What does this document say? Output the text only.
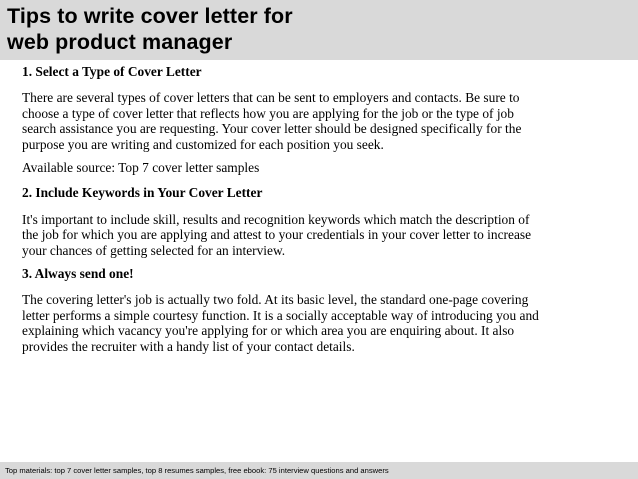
Tips to write cover letter for
web product manager

1. Select a Type of Cover Letter

There are several types of cover letters that can be sent to employers and contacts. Be sure to
choose a type of cover letter that reflects how you are applying for the job or the type of job
search assistance you are requesting. Your cover letter should be designed specifically for the
purpose you are writing and customized for each position you seek.

Available source: Top 7 cover letter samples

2. Include Keywords in Your Cover Letter

It's important to include skill, results and recognition keywords which match the description of
the job for which you are applying and attest to your credentials in your cover letter to increase
your chances of getting selected for an interview.

3. Always send one!

The covering letter's job is actually two fold. At its basic level, the standard one-page covering
letter performs a simple courtesy function. It is a socially acceptable way of introducing you and
explaining which vacancy you're applying for or which area you are enquiring about. It also
provides the recruiter with a handy list of your contact details.

Top materials: top 7 cover letter samples, top 8 resumes samples, free ebook: 75 interview questions and answers
